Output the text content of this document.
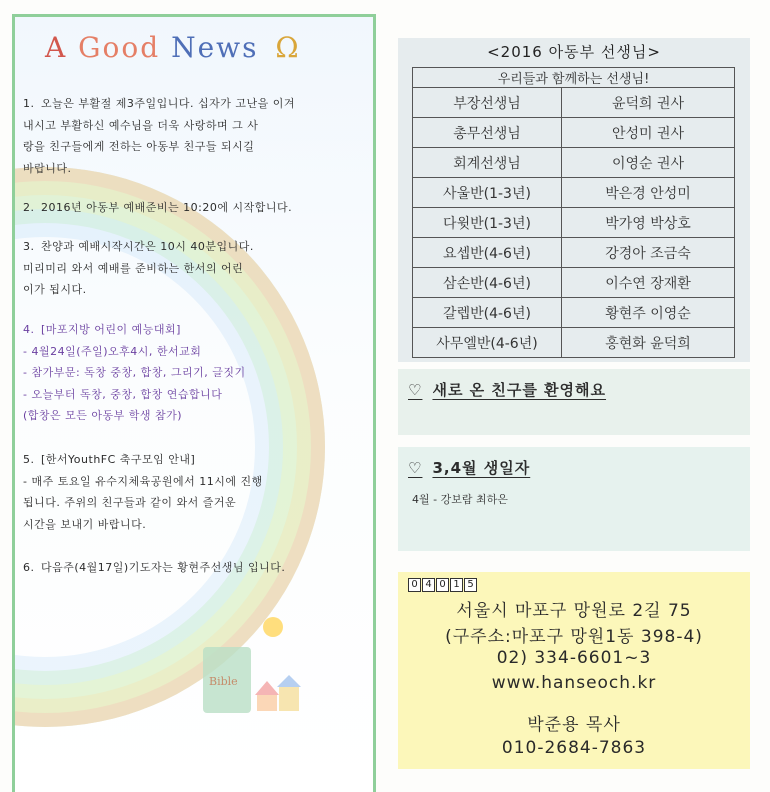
A Good News Ω
1. 오늘은 부활절 제3주일입니다. 십자가 고난을 이겨
내시고 부활하신 예수님을 더욱 사랑하며 그 사
랑을 친구들에게 전하는 아동부 친구들 되시길
바랍니다.
2. 2016년 아동부 예배준비는 10:20에 시작합니다.
3. 찬양과 예배시작시간은 10시 40분입니다.
미리미리 와서 예배를 준비하는 한서의 어린
이가 됩시다.
4. [마포지방 어린이 예능대회]
- 4월24일(주일)오후4시, 한서교회
- 참가부문: 독창 중창, 합창, 그리기, 글짓기
- 오늘부터 독창, 중창, 합창 연습합니다
(합창은 모든 아동부 학생 참가)
5. [한서YouthFC 축구모임 안내]
- 매주 토요일 유수지체육공원에서 11시에 진행
됩니다. 주위의 친구들과 같이 와서 즐거운
시간을 보내기 바랍니다.
6. 다음주(4월17일)기도자는 황현주선생님 입니다.
Bible
<2016 아동부 선생님>
우리들과 함께하는 선생님!	
부장선생님	윤덕희 권사
총무선생님	안성미 권사
회계선생님	이영순 권사
사울반(1-3년)	박은경 안성미
다윗반(1-3년)	박가영 박상호
요셉반(4-6년)	강경아 조금숙
삼손반(4-6년)	이수연 장재환
갈렙반(4-6년)	황현주 이영순
사무엘반(4-6년)	홍현화 윤덕희
♡ 새로 온 친구를 환영해요
♡ 3,4월 생일자
4월 - 강보람 최하은
0 4 0 1 5
서울시 마포구 망원로 2길 75
(구주소:마포구 망원1동 398-4)
02) 334-6601~3
www.hanseoch.kr
박준용 목사
010-2684-7863
